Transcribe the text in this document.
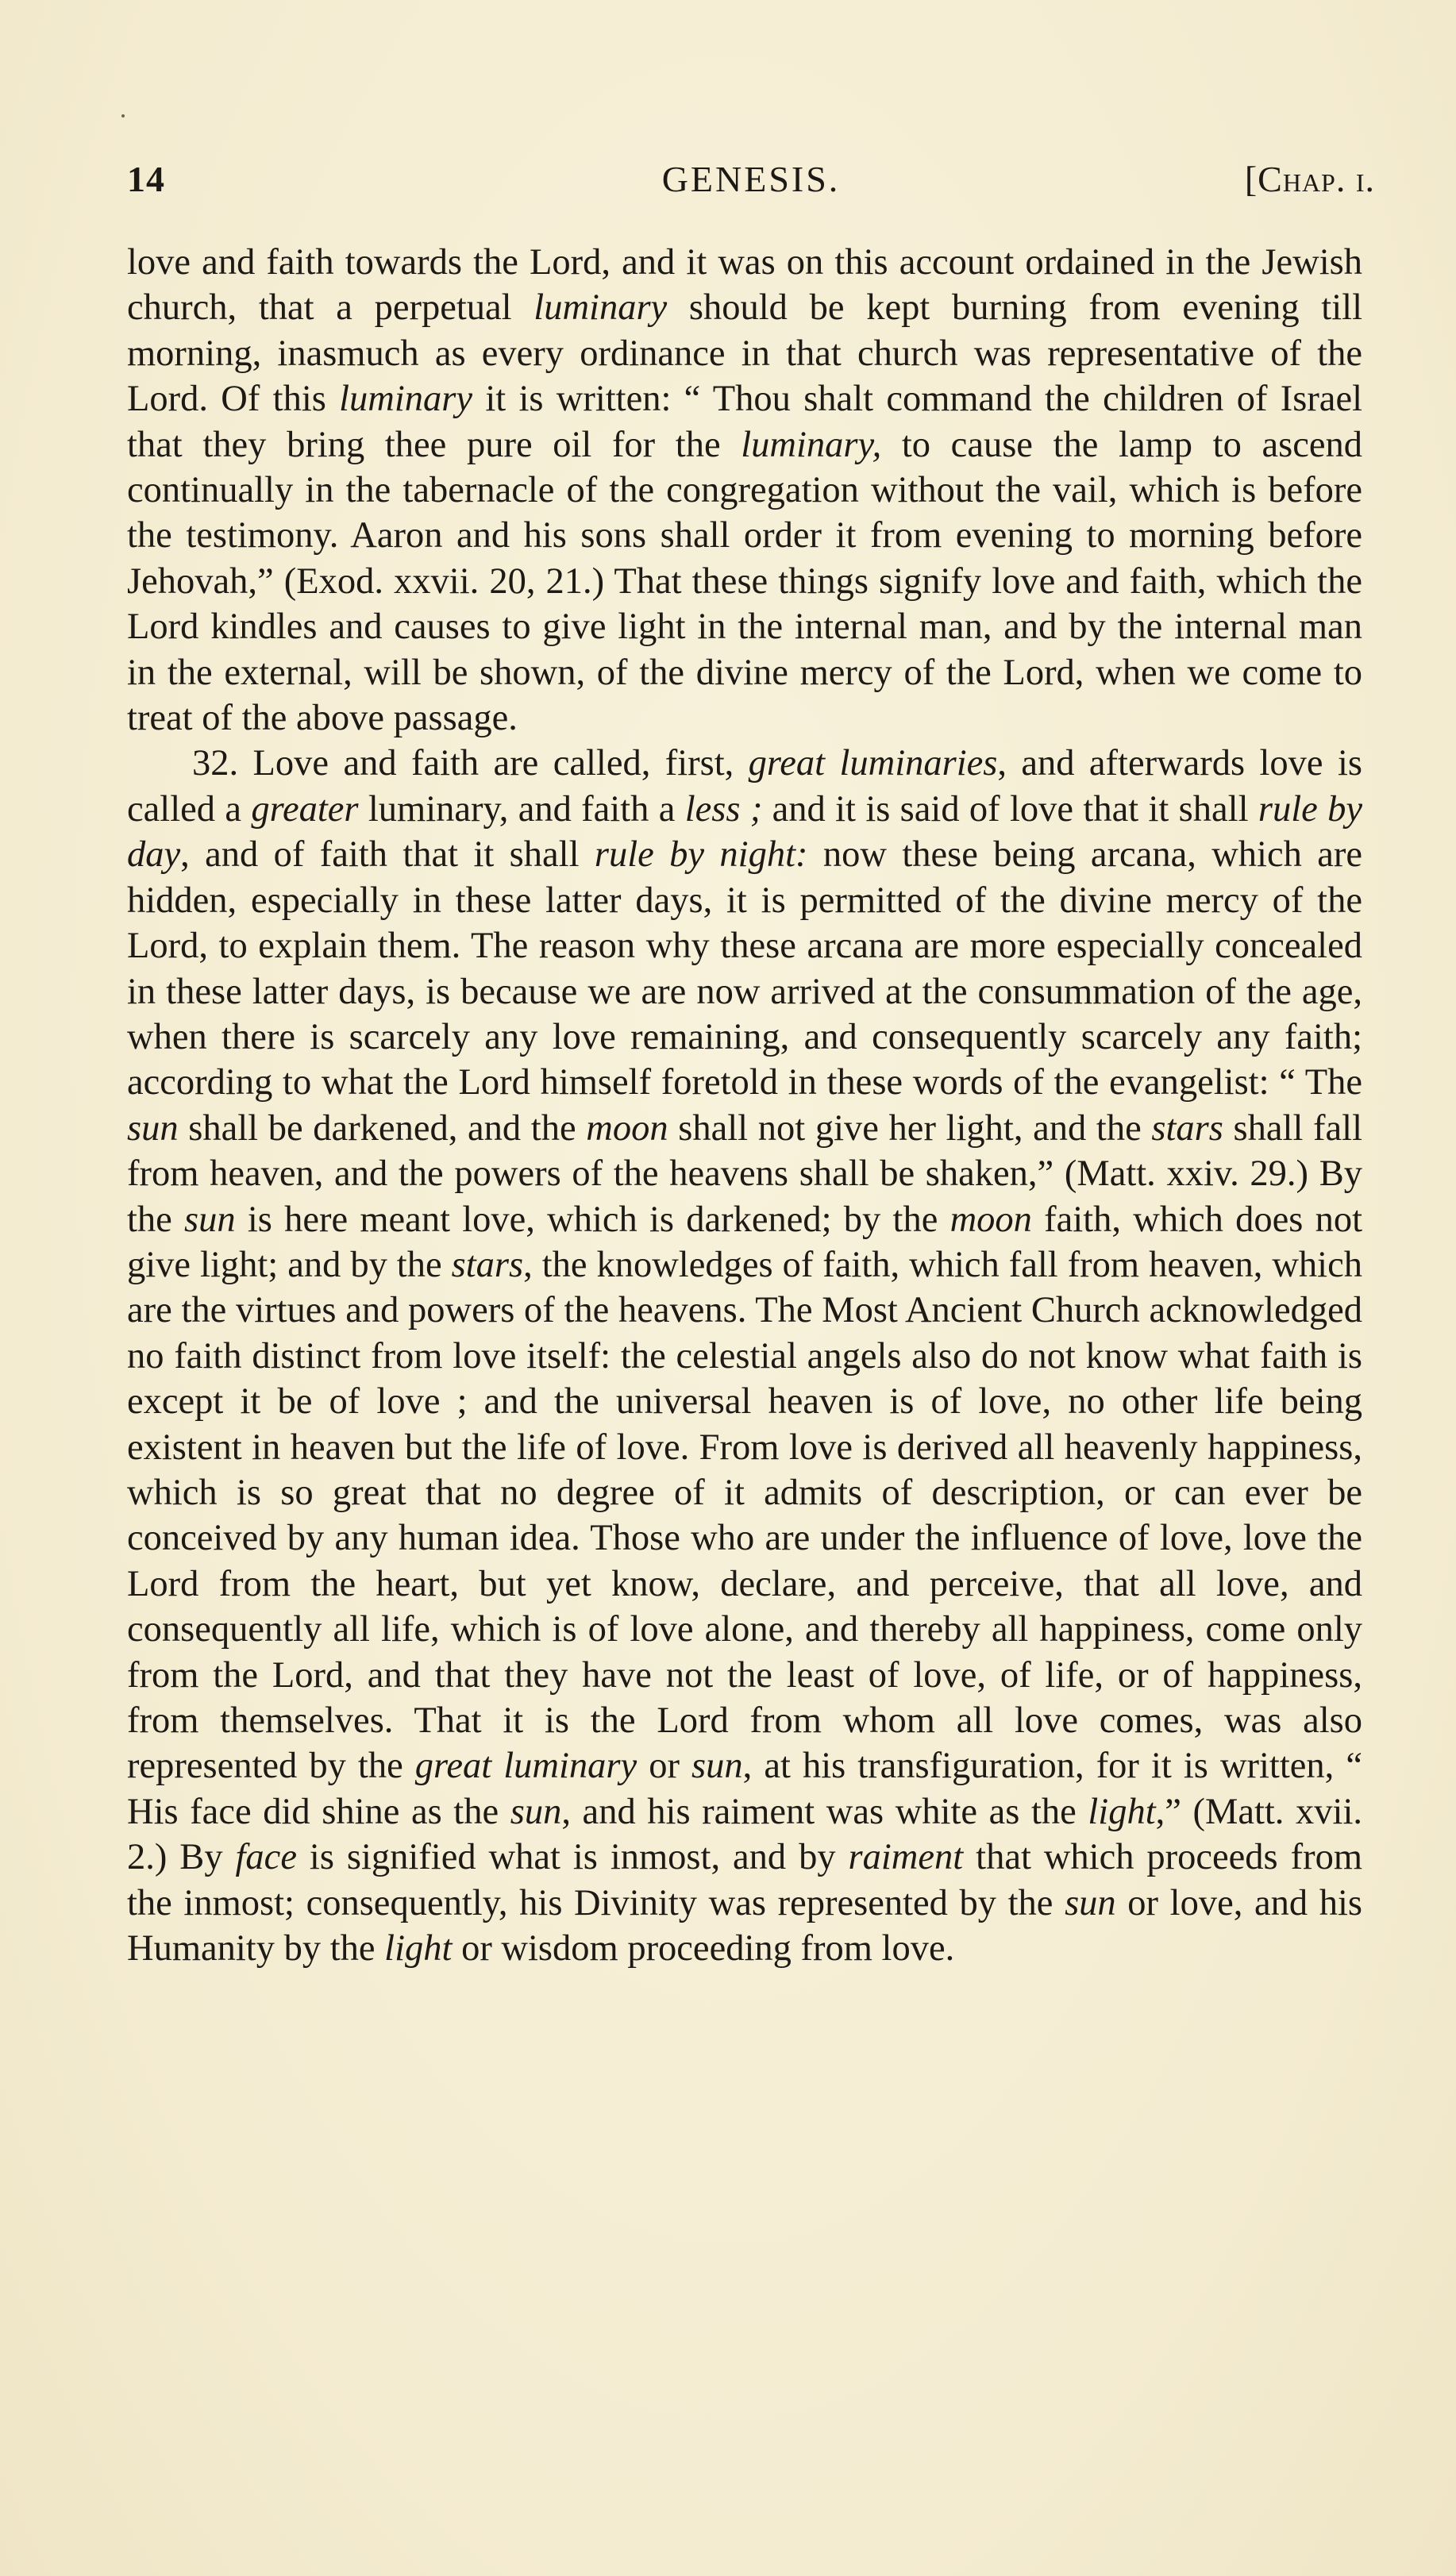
14	GENESIS.	[Chap. i.

love and faith towards the Lord, and it was on this account ordained in the Jewish church, that a perpetual luminary should be kept burning from evening till morning, inasmuch as every ordinance in that church was representative of the Lord. Of this luminary it is written: “ Thou shalt command the children of Israel that they bring thee pure oil for the luminary, to cause the lamp to ascend continually in the tabernacle of the congregation without the vail, which is before the testimony. Aaron and his sons shall order it from evening to morning before Jehovah,” (Exod. xxvii. 20, 21.) That these things signify love and faith, which the Lord kindles and causes to give light in the internal man, and by the internal man in the external, will be shown, of the divine mercy of the Lord, when we come to treat of the above passage.

32. Love and faith are called, first, great luminaries, and afterwards love is called a greater luminary, and faith a less ; and it is said of love that it shall rule by day, and of faith that it shall rule by night: now these being arcana, which are hidden, especially in these latter days, it is permitted of the divine mercy of the Lord, to explain them. The reason why these arcana are more especially concealed in these latter days, is because we are now arrived at the consummation of the age, when there is scarcely any love remaining, and consequently scarcely any faith; according to what the Lord himself foretold in these words of the evangelist: “ The sun shall be darkened, and the moon shall not give her light, and the stars shall fall from heaven, and the powers of the heavens shall be shaken,” (Matt. xxiv. 29.) By the sun is here meant love, which is darkened; by the moon faith, which does not give light; and by the stars, the knowledges of faith, which fall from heaven, which are the virtues and powers of the heavens. The Most Ancient Church acknowledged no faith distinct from love itself: the celestial angels also do not know what faith is except it be of love ; and the universal heaven is of love, no other life being existent in heaven but the life of love. From love is derived all heavenly happiness, which is so great that no degree of it admits of description, or can ever be conceived by any human idea. Those who are under the influence of love, love the Lord from the heart, but yet know, declare, and perceive, that all love, and consequently all life, which is of love alone, and thereby all happiness, come only from the Lord, and that they have not the least of love, of life, or of happiness, from themselves. That it is the Lord from whom all love comes, was also represented by the great luminary or sun, at his transfiguration, for it is written, “ His face did shine as the sun, and his raiment was white as the light,” (Matt. xvii. 2.) By face is signified what is inmost, and by raiment that which proceeds from the inmost; consequently, his Divinity was represented by the sun or love, and his Humanity by the light or wisdom proceeding from love.
